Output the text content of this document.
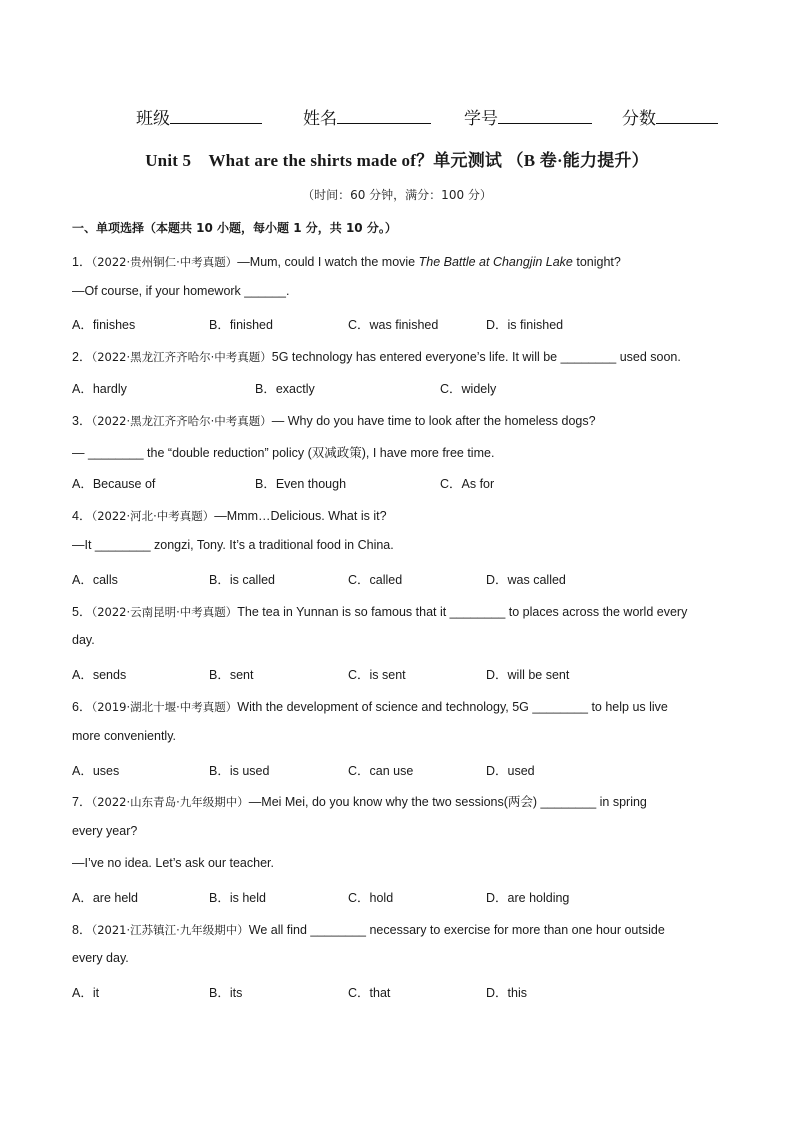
班级	姓名	学号	分数
Unit 5　What are the shirts made of？单元测试 （B 卷·能力提升）
（时间：60 分钟，满分：100 分）
一、单项选择（本题共 10 小题，每小题 1 分，共 10 分。）
1．（2022·贵州铜仁·中考真题）—Mum, could I watch the movie The Battle at Changjin Lake tonight?
—Of course, if your homework ______.
A．finishes	B．finished	C．was finished	D．is finished
2．（2022·黑龙江齐齐哈尔·中考真题）5G technology has entered everyone’s life. It will be ________ used soon.
A．hardly	B．exactly	C．widely
3．（2022·黑龙江齐齐哈尔·中考真题）— Why do you have time to look after the homeless dogs?
— ________ the “double reduction” policy (双减政策), I have more free time.
A．Because of	B．Even though	C．As for
4．（2022·河北·中考真题）—Mmm…Delicious. What is it?
—It ________ zongzi, Tony. It’s a traditional food in China.
A．calls	B．is called	C．called	D．was called
5．（2022·云南昆明·中考真题）The tea in Yunnan is so famous that it ________ to places across the world every
day.
A．sends	B．sent	C．is sent	D．will be sent
6．（2019·湖北十堰·中考真题）With the development of science and technology, 5G ________ to help us live
more conveniently.
A．uses	B．is used	C．can use	D．used
7．（2022·山东青岛·九年级期中）—Mei Mei, do you know why the two sessions(两会) ________ in spring
every year?
—I’ve no idea. Let’s ask our teacher.
A．are held	B．is held	C．hold	D．are holding
8．（2021·江苏镇江·九年级期中）We all find ________ necessary to exercise for more than one hour outside
every day.
A．it	B．its	C．that	D．this
